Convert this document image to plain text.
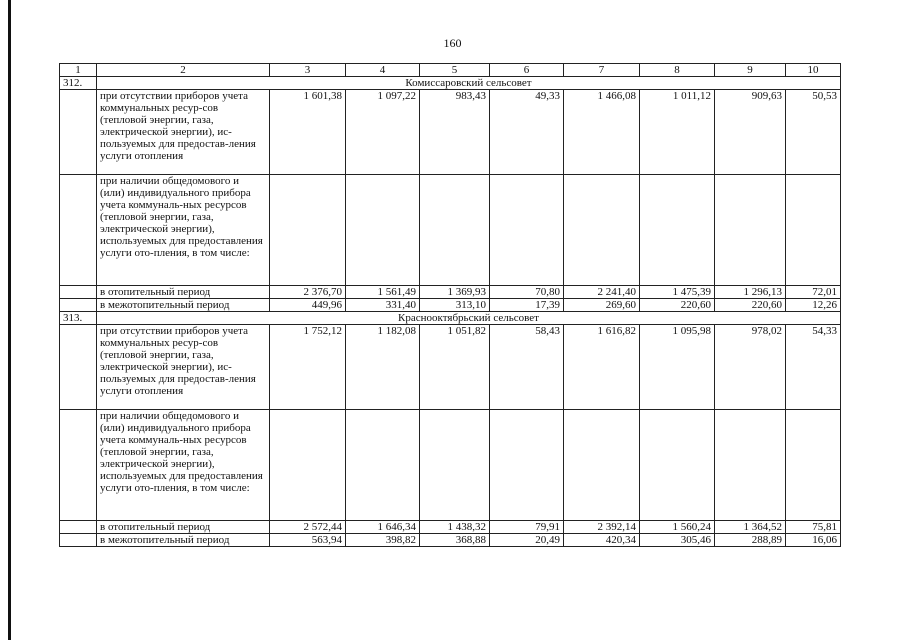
160
1	2	3	4	5	6	7	8	9	10
312.	Комиссаровский сельсовет								
	при отсутствии приборов учета коммунальных ресур-сов (тепловой энергии, газа, электрической энергии), ис-пользуемых для предостав-ления услуги отопления	1 601,38	1 097,22	983,43	49,33	1 466,08	1 011,12	909,63	50,53
	при наличии общедомового и (или) индивидуального прибора учета коммуналь-ных ресурсов (тепловой энергии, газа, электрической энергии), используемых для предоставления услуги ото-пления, в том числе:								
	в отопительный период	2 376,70	1 561,49	1 369,93	70,80	2 241,40	1 475,39	1 296,13	72,01
	в межотопительный период	449,96	331,40	313,10	17,39	269,60	220,60	220,60	12,26
313.	Краснооктябрьский сельсовет								
	при отсутствии приборов учета коммунальных ресур-сов (тепловой энергии, газа, электрической энергии), ис-пользуемых для предостав-ления услуги отопления	1 752,12	1 182,08	1 051,82	58,43	1 616,82	1 095,98	978,02	54,33
	при наличии общедомового и (или) индивидуального прибора учета коммуналь-ных ресурсов (тепловой энергии, газа, электрической энергии), используемых для предоставления услуги ото-пления, в том числе:								
	в отопительный период	2 572,44	1 646,34	1 438,32	79,91	2 392,14	1 560,24	1 364,52	75,81
	в межотопительный период	563,94	398,82	368,88	20,49	420,34	305,46	288,89	16,06
